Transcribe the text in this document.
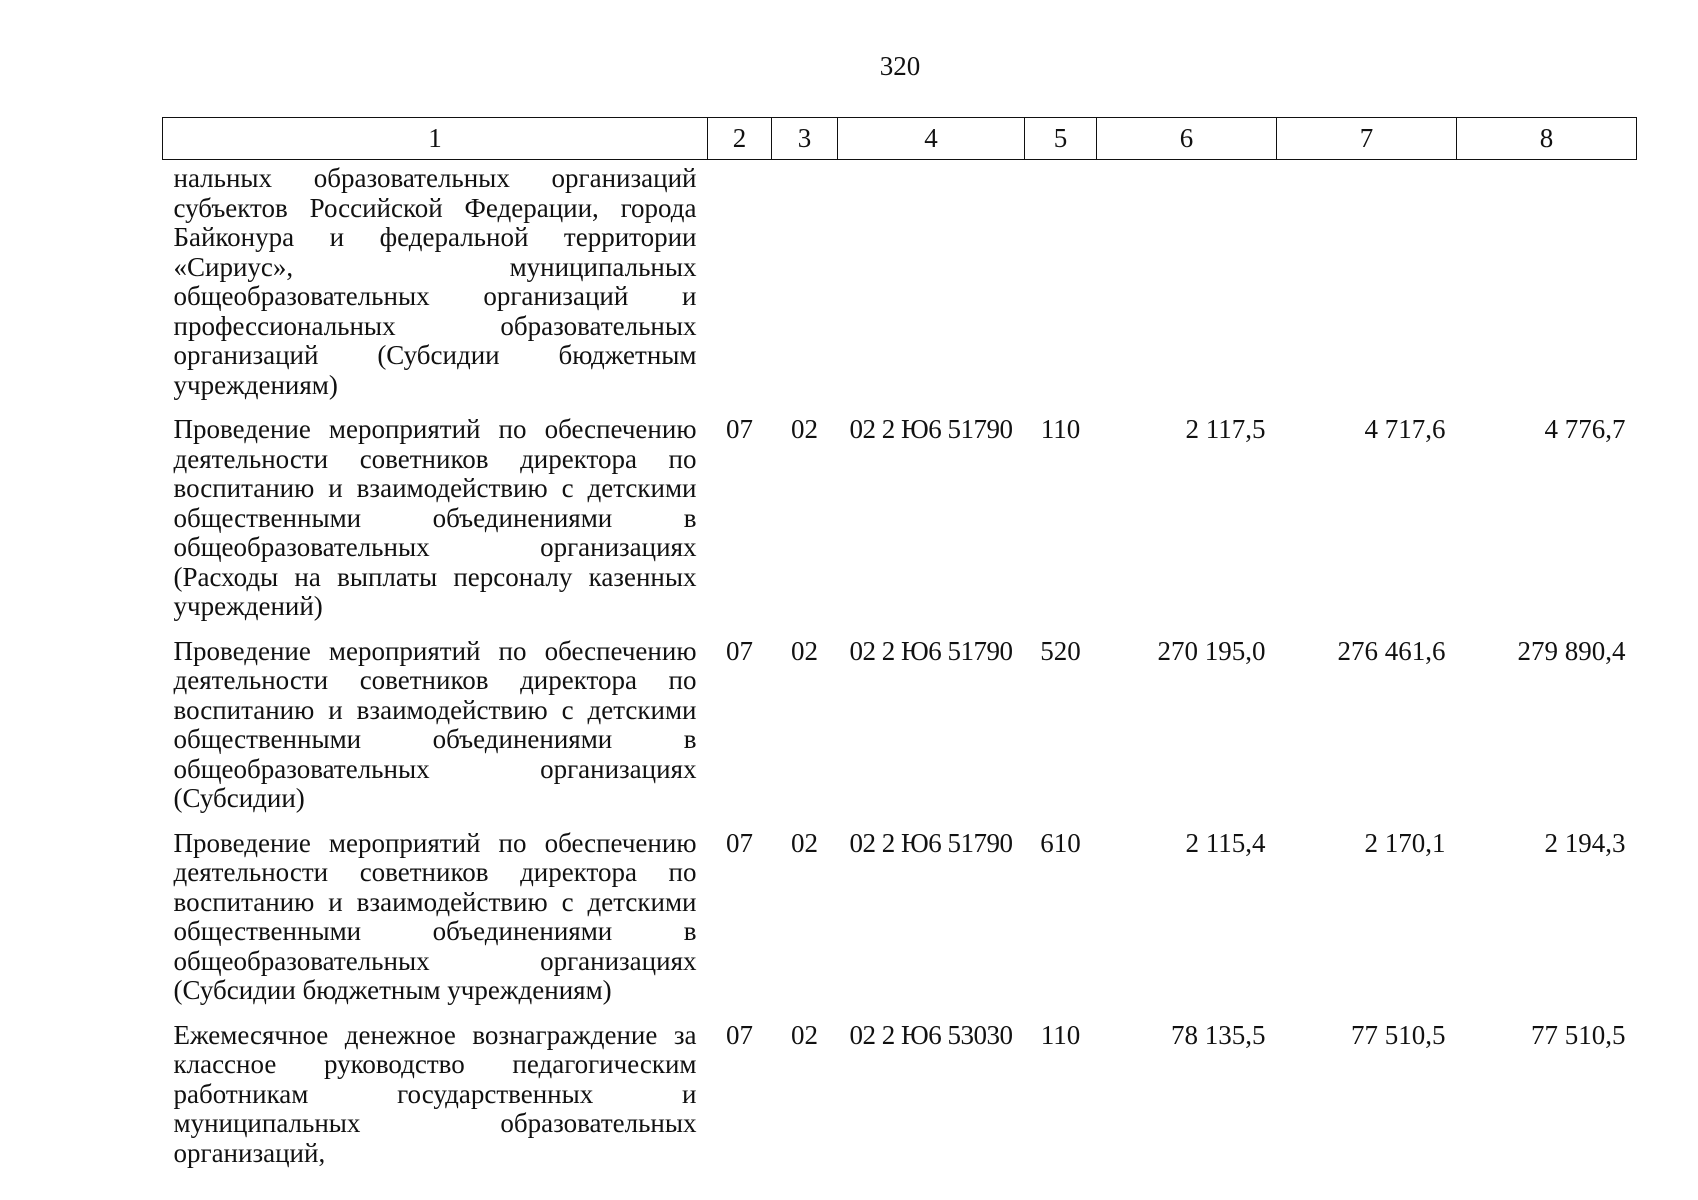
320
1	2	3	4	5	6	7	8
нальных образовательных организаций субъектов Российской Федерации, города Байконура и федеральной территории «Сириус», муниципальных общеобразовательных организаций и профессиональных образовательных организаций (Субсидии бюджетным учреждениям)							
Проведение мероприятий по обеспечению деятельности советников директора по воспитанию и взаимодействию с детскими общественными объединениями в общеобразовательных организациях (Расходы на выплаты персоналу казенных учреждений)	07	02	02 2 Ю6 51790	110	2 117,5	4 717,6	4 776,7
Проведение мероприятий по обеспечению деятельности советников директора по воспитанию и взаимодействию с детскими общественными объединениями в общеобразовательных организациях (Субсидии)	07	02	02 2 Ю6 51790	520	270 195,0	276 461,6	279 890,4
Проведение мероприятий по обеспечению деятельности советников директора по воспитанию и взаимодействию с детскими общественными объединениями в общеобразовательных организациях (Субсидии бюджетным учреждениям)	07	02	02 2 Ю6 51790	610	2 115,4	2 170,1	2 194,3
Ежемесячное денежное вознаграждение за классное руководство педагогическим работникам государственных и муниципальных образовательных организаций,	07	02	02 2 Ю6 53030	110	78 135,5	77 510,5	77 510,5
